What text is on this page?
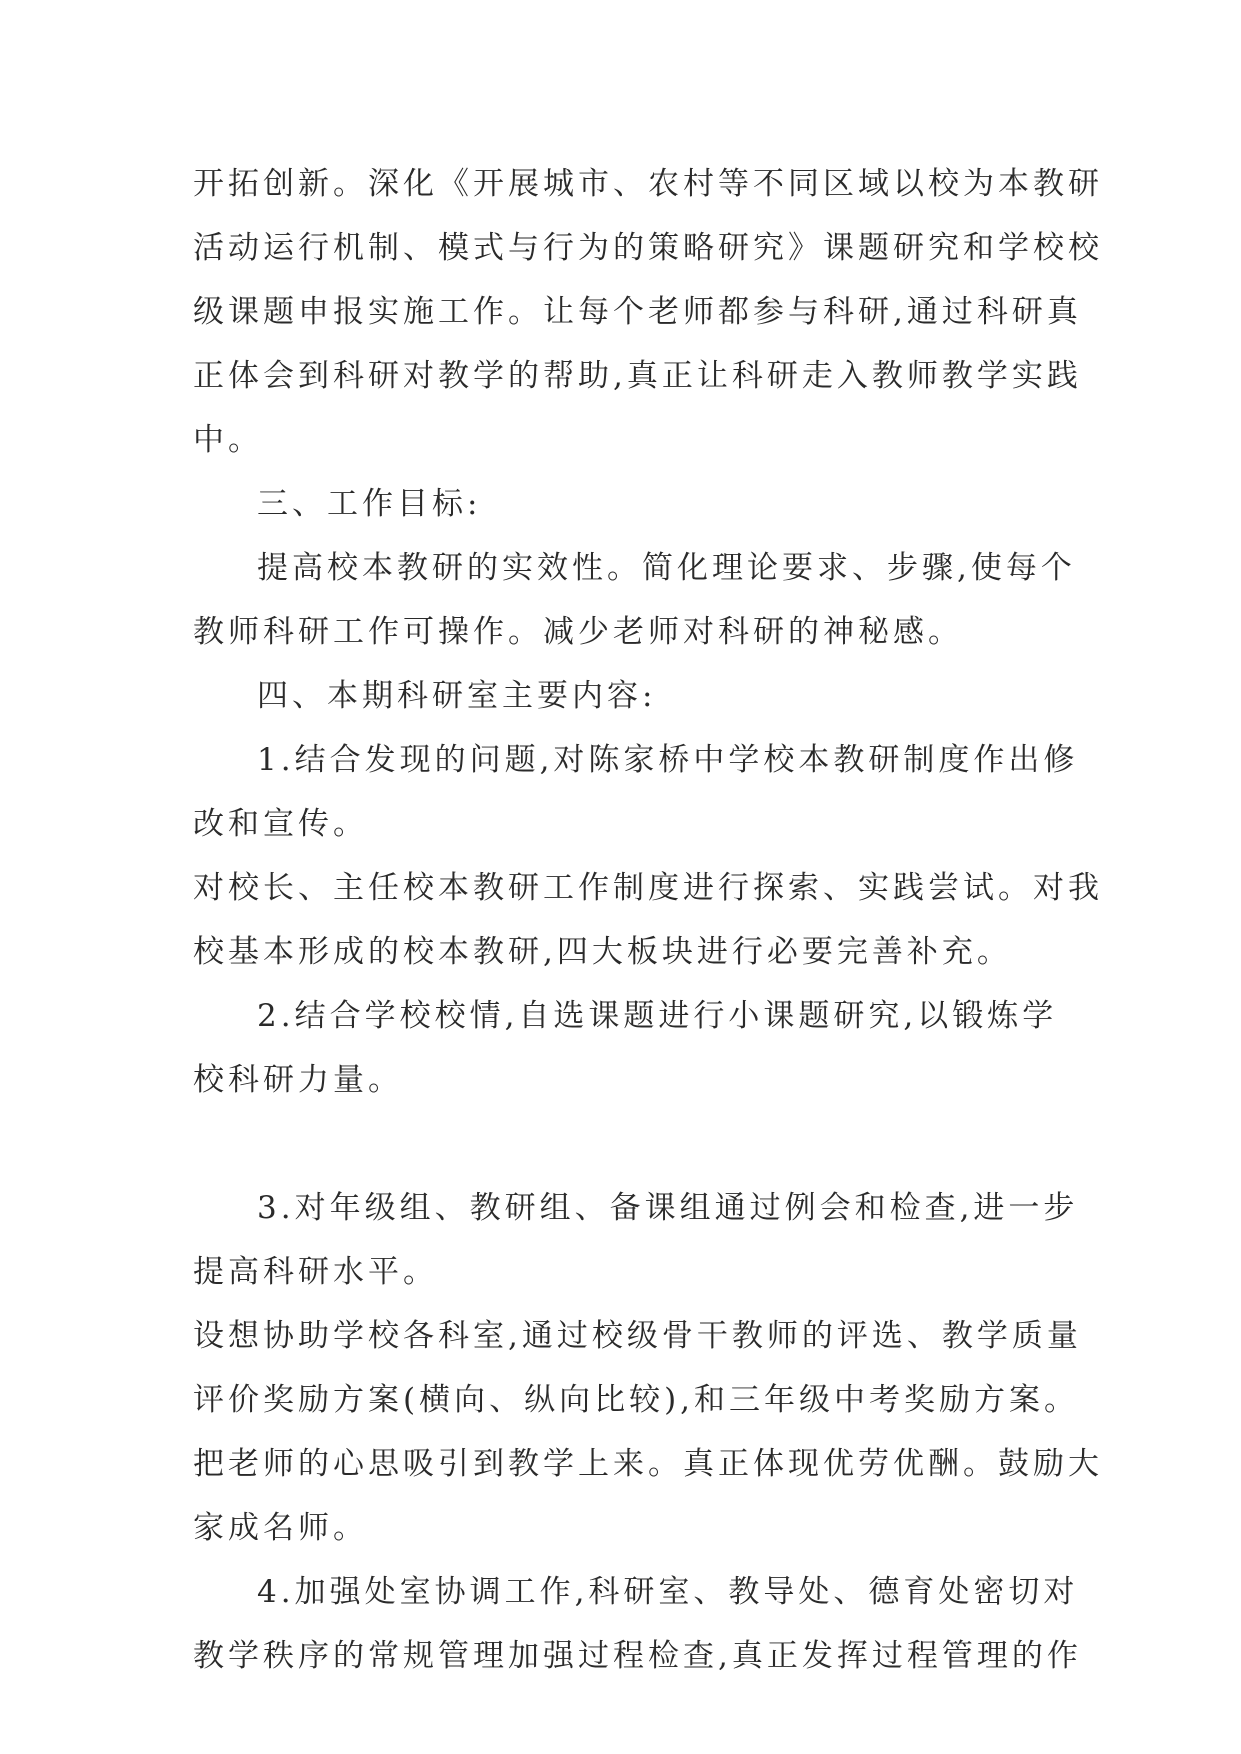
开拓创新。深化《开展城市、农村等不同区域以校为本教研
活动运行机制、模式与行为的策略研究》课题研究和学校校
级课题申报实施工作。让每个老师都参与科研,通过科研真
正体会到科研对教学的帮助,真正让科研走入教师教学实践
中。
三、工作目标:
提高校本教研的实效性。简化理论要求、步骤,使每个
教师科研工作可操作。减少老师对科研的神秘感。
四、本期科研室主要内容:
1.结合发现的问题,对陈家桥中学校本教研制度作出修
改和宣传。
对校长、主任校本教研工作制度进行探索、实践尝试。对我
校基本形成的校本教研,四大板块进行必要完善补充。
2.结合学校校情,自选课题进行小课题研究,以锻炼学
校科研力量。
3.对年级组、教研组、备课组通过例会和检查,进一步
提高科研水平。
设想协助学校各科室,通过校级骨干教师的评选、教学质量
评价奖励方案(横向、纵向比较),和三年级中考奖励方案。
把老师的心思吸引到教学上来。真正体现优劳优酬。鼓励大
家成名师。
4.加强处室协调工作,科研室、教导处、德育处密切对
教学秩序的常规管理加强过程检查,真正发挥过程管理的作
